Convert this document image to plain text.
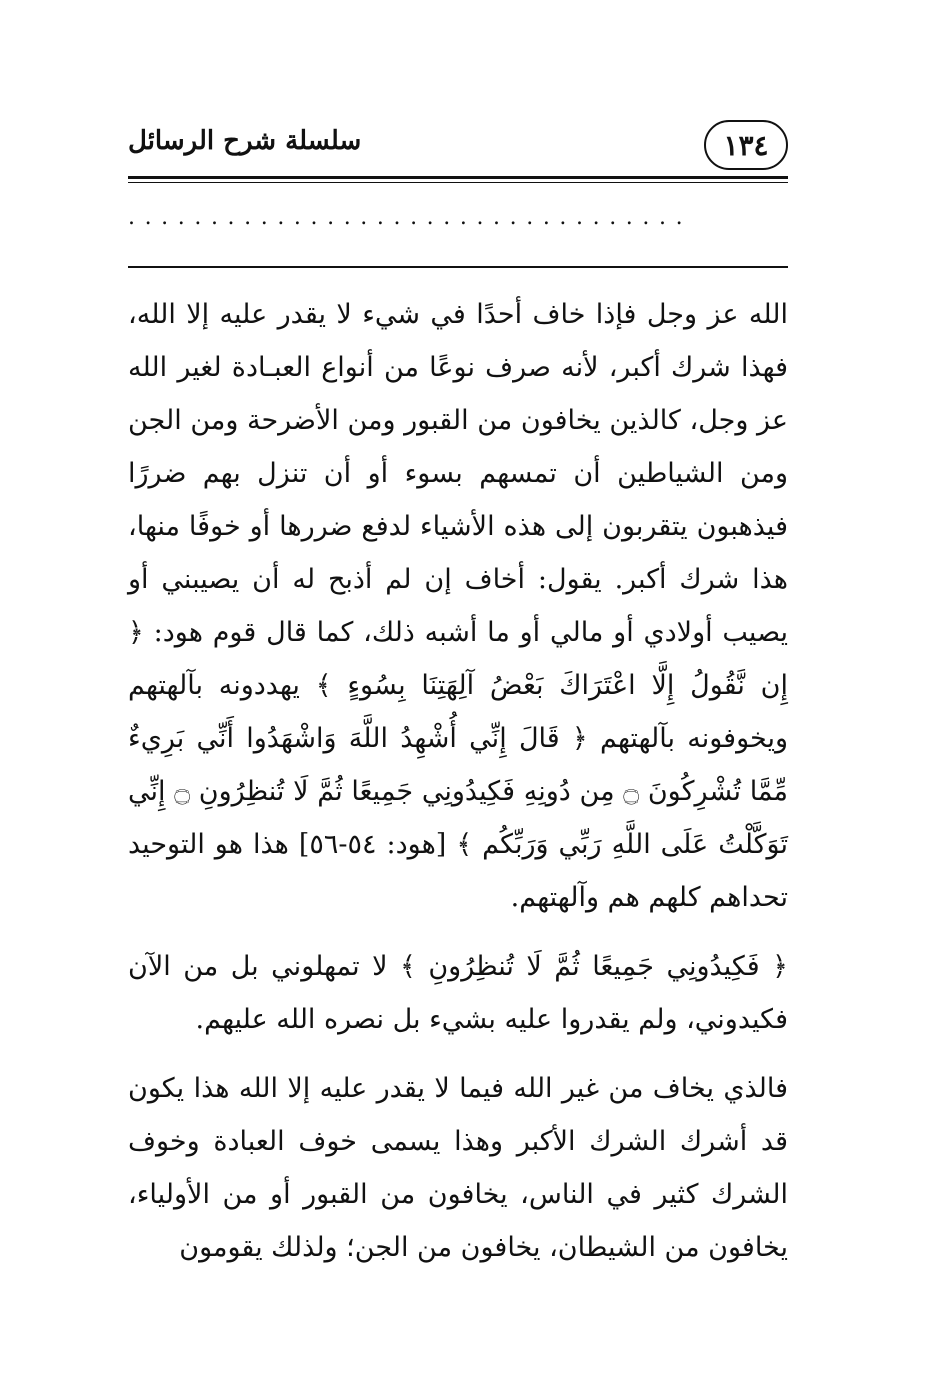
سلسلة شرح الرسائل	١٣٤
..................................

الله عز وجل فإذا خاف أحدًا في شيء لا يقدر عليه إلا الله، فهذا شرك أكبر، لأنه صرف نوعًا من أنواع العبـادة لغير الله عز وجل، كالذين يخافون من القبور ومن الأضرحة ومن الجن ومن الشياطين أن تمسهم بسوء أو أن تنزل بهم ضررًا فيذهبون يتقربون إلى هذه الأشياء لدفع ضررها أو خوفًا منها، هذا شرك أكبر. يقول: أخاف إن لم أذبح له أن يصيبني أو يصيب أولادي أو مالي أو ما أشبه ذلك، كما قال قوم هود: ﴿ إِن نَّقُولُ إِلَّا اعْتَرَاكَ بَعْضُ آلِهَتِنَا بِسُوءٍ ﴾ يهددونه بآلهتهم ويخوفونه بآلهتهم ﴿ قَالَ إِنِّي أُشْهِدُ اللَّهَ وَاشْهَدُوا أَنِّي بَرِيءٌ مِّمَّا تُشْرِكُونَ ۝ مِن دُونِهِ فَكِيدُونِي جَمِيعًا ثُمَّ لَا تُنظِرُونِ ۝ إِنِّي تَوَكَّلْتُ عَلَى اللَّهِ رَبِّي وَرَبِّكُم ﴾ [هود: ٥٤-٥٦] هذا هو التوحيد تحداهم كلهم هم وآلهتهم.

﴿ فَكِيدُونِي جَمِيعًا ثُمَّ لَا تُنظِرُونِ ﴾ لا تمهلوني بل من الآن فكيدوني، ولم يقدروا عليه بشيء بل نصره الله عليهم.

فالذي يخاف من غير الله فيما لا يقدر عليه إلا الله هذا يكون قد أشرك الشرك الأكبر وهذا يسمى خوف العبادة وخوف الشرك كثير في الناس، يخافون من القبور أو من الأولياء، يخافون من الشيطان، يخافون من الجن؛ ولذلك يقومون
